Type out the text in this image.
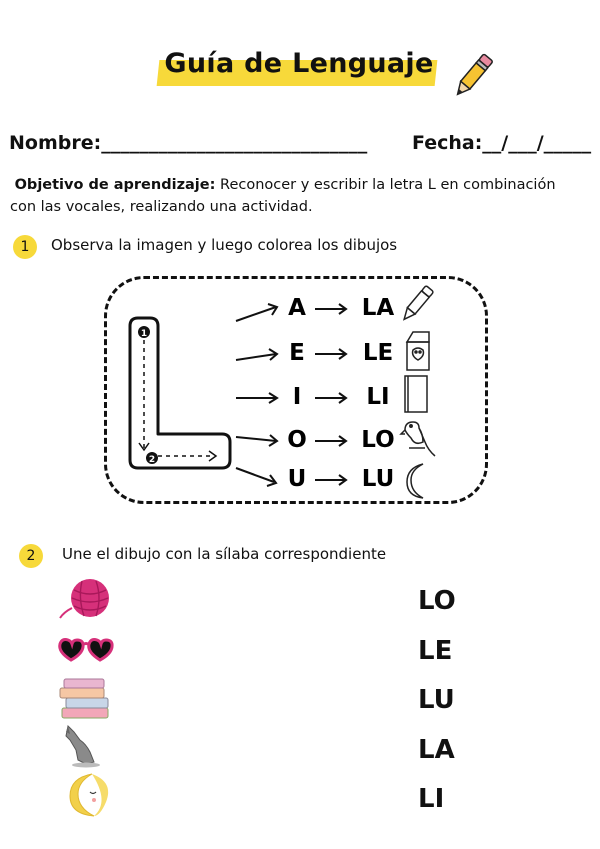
Guía de Lenguaje
Nombre:____________________________ Fecha:__/___/_____
Objetivo de aprendizaje: Reconocer y escribir la letra L en combinación con las vocales, realizando una actividad.
1	Observa la imagen y luego colorea los dibujos
1
2
A LA
E	LE
I	LI
O LO
U LU
2	Une el dibujo con la sílaba correspondiente
LO
LE
LU
LA
LI
